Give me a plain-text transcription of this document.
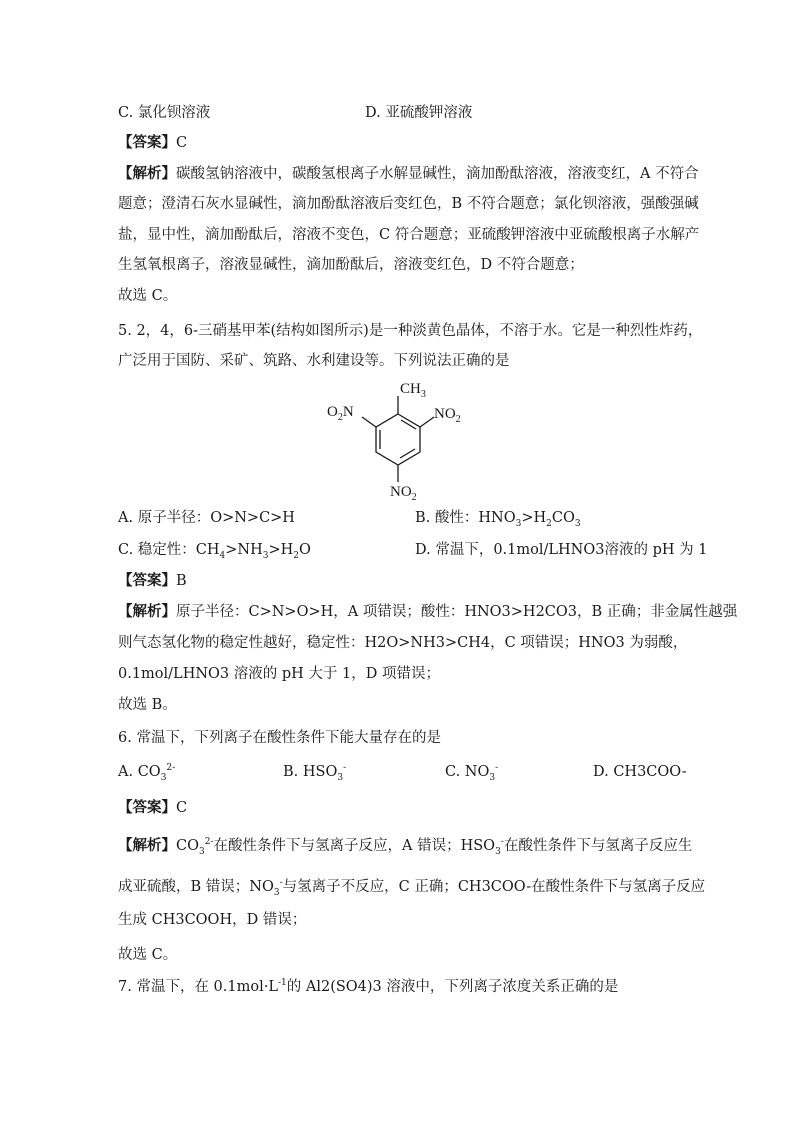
C. 氯化钡溶液	D. 亚硫酸钾溶液
【答案】C
【解析】碳酸氢钠溶液中，碳酸氢根离子水解显碱性，滴加酚酞溶液，溶液变红，A 不符合
题意；澄清石灰水显碱性，滴加酚酞溶液后变红色，B 不符合题意；氯化钡溶液，强酸强碱
盐，显中性，滴加酚酞后，溶液不变色，C 符合题意；亚硫酸钾溶液中亚硫酸根离子水解产
生氢氧根离子，溶液显碱性，滴加酚酞后，溶液变红色，D 不符合题意；
故选 C。
5. 2，4，6-三硝基甲苯(结构如图所示)是一种淡黄色晶体，不溶于水。它是一种烈性炸药，
广泛用于国防、采矿、筑路、水利建设等。下列说法正确的是
$CH_3$
$O_2N$	$NO_2$
$NO_2$
A. 原子半径：O>N>C>H	B. 酸性：$HNO_3>H_2CO_3$
C. 稳定性：$CH_4>NH_3>H_2O$	D. 常温下，0.1mol/LHNO3溶液的 pH 为 1
【答案】B
【解析】原子半径：C>N>O>H，A 项错误；酸性：HNO3>H2CO3，B 正确；非金属性越强
则气态氢化物的稳定性越好，稳定性：H2O>NH3>CH4，C 项错误；HNO3 为弱酸，
0.1mol/LHNO3 溶液的 pH 大于 1，D 项错误；
故选 B。
6. 常温下，下列离子在酸性条件下能大量存在的是
A. $CO_3^{2-}$	B. $HSO_3^-$	C. $NO_3^-$	D. CH3COO-
【答案】C
【解析】$CO_3^{2-}$在酸性条件下与氢离子反应，A 错误；$HSO_3^-$在酸性条件下与氢离子反应生
成亚硫酸，B 错误；$NO_3^-$与氢离子不反应，C 正确；CH3COO-在酸性条件下与氢离子反应
生成 CH3COOH，D 错误；
故选 C。
7. 常温下，在 $0.1mol\cdot L^{-1}$的 Al2(SO4)3 溶液中，下列离子浓度关系正确的是
